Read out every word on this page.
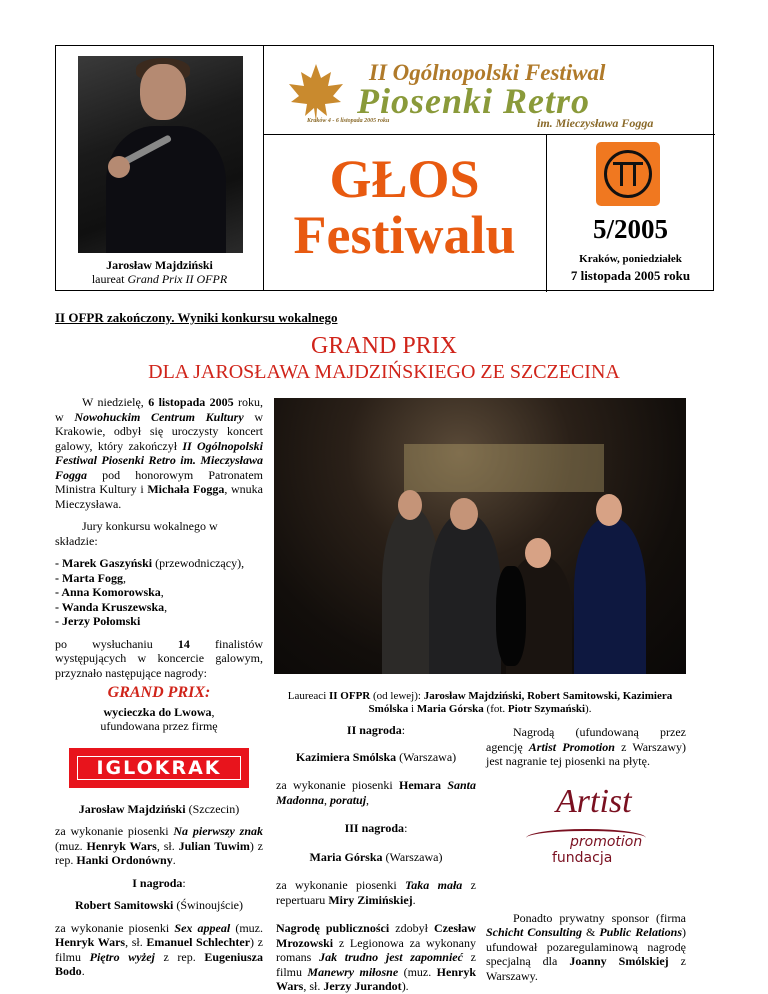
Jarosław Majdziński
laureat Grand Prix II OFPR
II Ogólnopolski Festiwal
Piosenki Retro
Kraków 4 - 6 listopada 2005 roku	im. Mieczysława Fogga
GŁOS
Festiwalu	5/2005
Kraków, poniedziałek
7 listopada 2005 roku
II OFPR zakończony. Wyniki konkursu wokalnego
GRAND PRIX
DLA JAROSŁAWA MAJDZIŃSKIEGO ZE SZCZECINA

W niedzielę, 6 listopada 2005 roku, w Nowohuckim Centrum Kultury w Krakowie, odbył się uroczysty koncert galowy, który zakończył II Ogólnopolski Festiwal Piosenki Retro im. Mieczysława Fogga pod honorowym Patronatem Ministra Kultury i Michała Fogga, wnuka Mieczysława.

Jury konkursu wokalnego w składzie:

- Marek Gaszyński (przewodniczący),
- Marta Fogg,
- Anna Komorowska,
- Wanda Kruszewska,
- Jerzy Połomski

po wysłuchaniu 14 finalistów występujących w koncercie galowym, przyznało następujące nagrody:

GRAND PRIX:
wycieczka do Lwowa,
ufundowana przez firmę
IGLOKRAK
Jarosław Majdziński (Szczecin)

za wykonanie piosenki Na pierwszy znak (muz. Henryk Wars, sł. Julian Tuwim) z rep. Hanki Ordonówny.

I nagroda:
Robert Samitowski (Świnoujście)

za wykonanie piosenki Sex appeal (muz. Henryk Wars, sł. Emanuel Schlechter) z filmu Piętro wyżej z rep. Eugeniusza Bodo.

Laureaci II OFPR (od lewej): Jarosław Majdziński, Robert Samitowski, Kazimiera Smólska i Maria Górska (fot. Piotr Szymański).
II nagroda:
Kazimiera Smólska (Warszawa)

za wykonanie piosenki Hemara Santa Madonna, poratuj,

III nagroda:
Maria Górska (Warszawa)

za wykonanie piosenki Taka mała z repertuaru Miry Zimińskiej.

Nagrodę publiczności zdobył Czesław Mrozowski z Legionowa za wykonany romans Jak trudno jest zapomnieć z filmu Manewry miłosne (muz. Henryk Wars, sł. Jerzy Jurandot).

Nagrodą (ufundowaną przez agencję Artist Promotion z Warszawy) jest nagranie tej piosenki na płytę.

Artist
promotion
fundacja

Ponadto prywatny sponsor (firma Schicht Consulting & Public Relations) ufundował pozaregulaminową nagrodę specjalną dla Joanny Smólskiej z Warszawy.
